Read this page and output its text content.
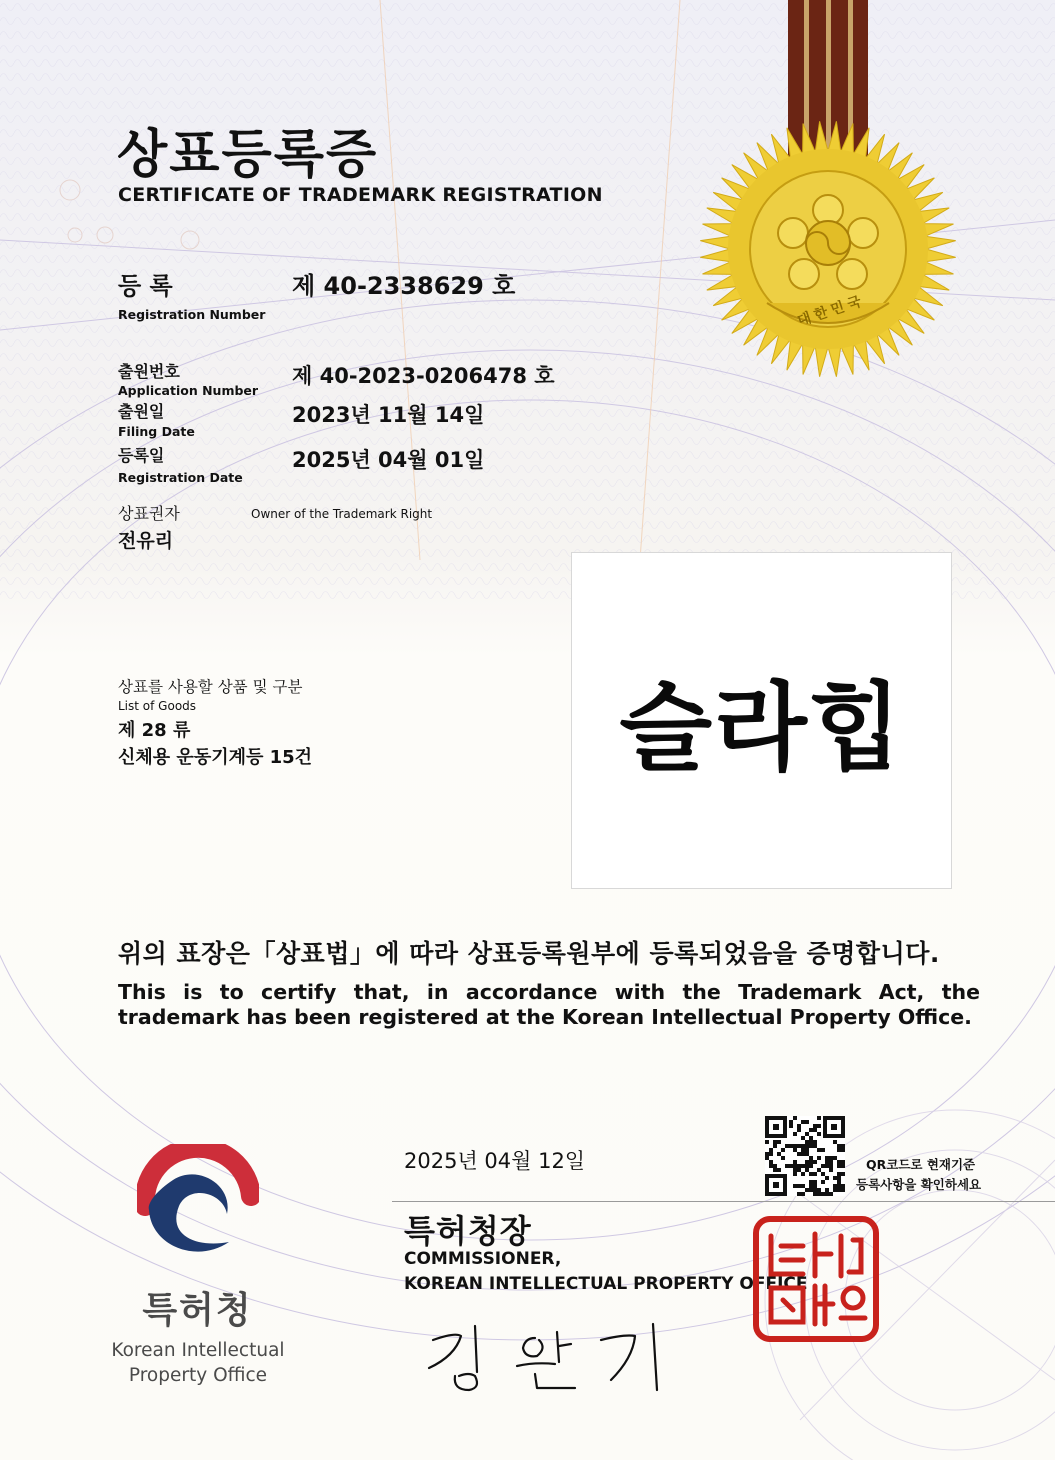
대한민국
상표등록증
CERTIFICATE OF TRADEMARK REGISTRATION
등 록
Registration Number
제 40-2338629 호
출원번호
Application Number
제 40-2023-0206478 호
출원일
Filing Date
2023년 11월 14일
등록일
Registration Date
2025년 04월 01일
상표권자	Owner of the Trademark Right
전유리
슬라힙
상표를 사용할 상품 및 구분
List of Goods
제 28 류
신체용 운동기계등 15건
위의 표장은「상표법」에 따라 상표등록원부에 등록되었음을 증명합니다.
This is to certify that, in accordance with the Trademark Act, the trademark has been registered at the Korean Intellectual Property Office.
특허청
Korean Intellectual
Property Office
2025년 04월 12일	QR코드로 현재기준
등록사항을 확인하세요
특허청장
COMMISSIONER,
KOREAN INTELLECTUAL PROPERTY OFFICE
